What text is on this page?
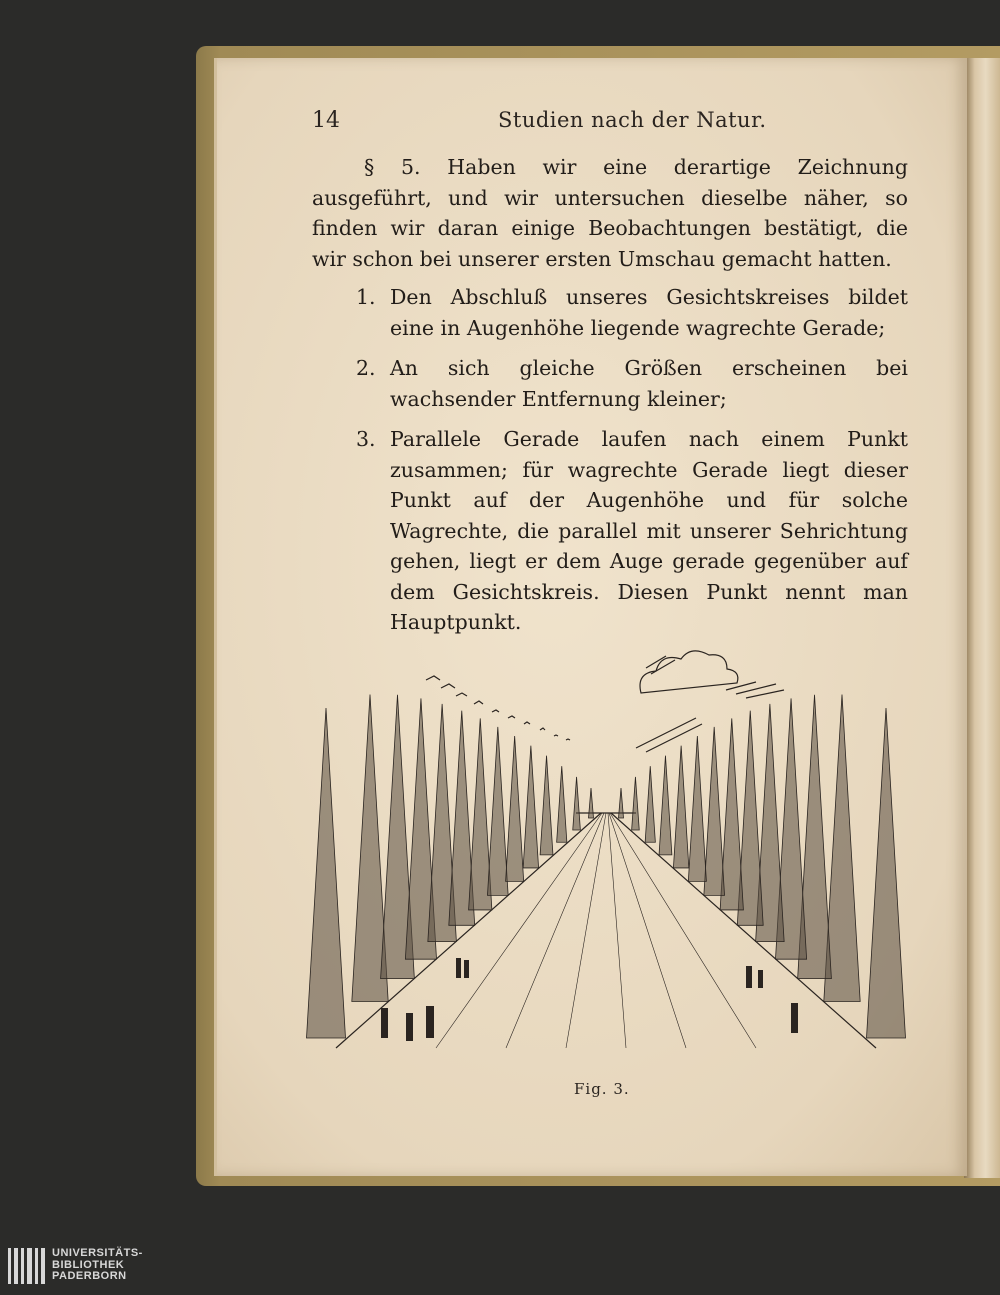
14	Studien nach der Natur.

§ 5. Haben wir eine derartige Zeichnung ausgeführt, und wir untersuchen dieselbe näher, so finden wir daran einige Beobachtungen bestätigt, die wir schon bei unserer ersten Umschau gemacht hatten.

1. Den Abschluß unseres Gesichtskreises bildet eine in Augenhöhe liegende wagrechte Gerade;
2. An sich gleiche Größen erscheinen bei wachsender Entfernung kleiner;
3. Parallele Gerade laufen nach einem Punkt zusammen; für wagrechte Gerade liegt dieser Punkt auf der Augenhöhe und für solche Wagrechte, die parallel mit unserer Sehrichtung gehen, liegt er dem Auge gerade gegenüber auf dem Gesichtskreis. Diesen Punkt nennt man Hauptpunkt.
Fig. 3.
UNIVERSITÄTS-
BIBLIOTHEK
PADERBORN
